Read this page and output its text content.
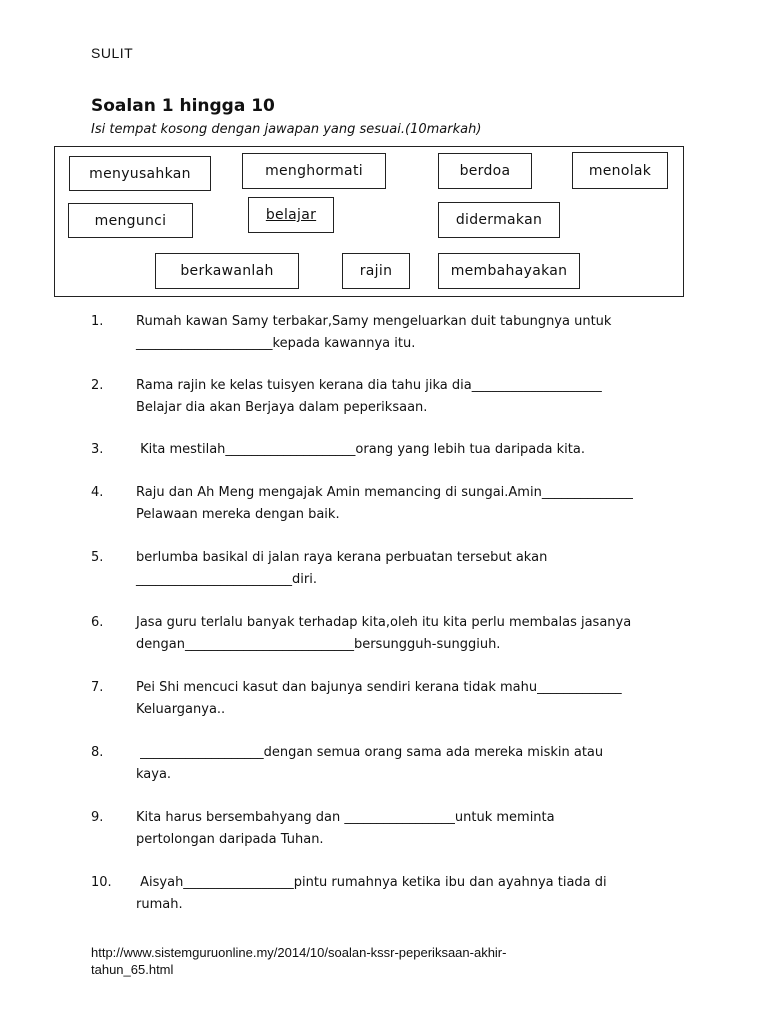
SULIT
Soalan 1 hingga 10
Isi tempat kosong dengan jawapan yang sesuai.(10markah)
menyusahkan	menghormati	berdoa	menolak
mengunci	belajar	didermakan
berkawanlah	rajin	membahayakan
1.	Rumah kawan Samy terbakar,Samy mengeluarkan duit tabungnya untuk
_____________________kepada kawannya itu.
2.	Rama rajin ke kelas tuisyen kerana dia tahu jika dia____________________
Belajar dia akan Berjaya dalam peperiksaan.
3.	Kita mestilah____________________orang yang lebih tua daripada kita.
4.	Raju dan Ah Meng mengajak Amin memancing di sungai.Amin______________
Pelawaan mereka dengan baik.
5.	berlumba basikal di jalan raya kerana perbuatan tersebut akan
________________________diri.
6.	Jasa guru terlalu banyak terhadap kita,oleh itu kita perlu membalas jasanya
dengan__________________________bersungguh-sunggiuh.
7.	Pei Shi mencuci kasut dan bajunya sendiri kerana tidak mahu_____________
Keluarganya..
8.	___________________dengan semua orang sama ada mereka miskin atau
kaya.
9.	Kita harus bersembahyang dan _________________untuk meminta
pertolongan daripada Tuhan.
10. Aisyah_________________pintu rumahnya ketika ibu dan ayahnya tiada di
rumah.
http://www.sistemguruonline.my/2014/10/soalan-kssr-peperiksaan-akhir-
tahun_65.html
